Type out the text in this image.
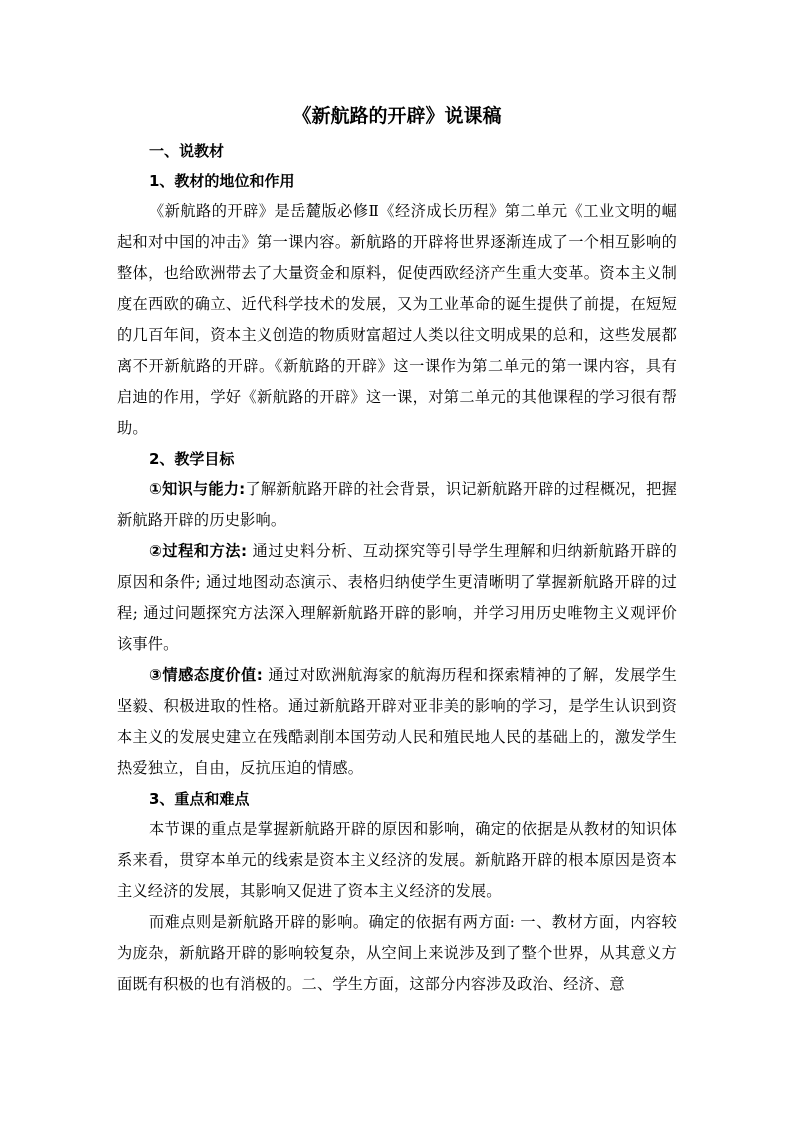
《新航路的开辟》说课稿
一、说教材
1、教材的地位和作用

《新航路的开辟》是岳麓版必修Ⅱ《经济成长历程》第二单元《工业文明的崛起和对中国的冲击》第一课内容。新航路的开辟将世界逐渐连成了一个相互影响的整体，也给欧洲带去了大量资金和原料，促使西欧经济产生重大变革。资本主义制度在西欧的确立、近代科学技术的发展，又为工业革命的诞生提供了前提，在短短的几百年间，资本主义创造的物质财富超过人类以往文明成果的总和，这些发展都离不开新航路的开辟。《新航路的开辟》这一课作为第二单元的第一课内容，具有启迪的作用，学好《新航路的开辟》这一课，对第二单元的其他课程的学习很有帮助。

2、教学目标

①知识与能力:了解新航路开辟的社会背景，识记新航路开辟的过程概况，把握新航路开辟的历史影响。

②过程和方法: 通过史料分析、互动探究等引导学生理解和归纳新航路开辟的原因和条件; 通过地图动态演示、表格归纳使学生更清晰明了掌握新航路开辟的过程; 通过问题探究方法深入理解新航路开辟的影响，并学习用历史唯物主义观评价该事件。

③情感态度价值: 通过对欧洲航海家的航海历程和探索精神的了解，发展学生坚毅、积极进取的性格。通过新航路开辟对亚非美的影响的学习，是学生认识到资本主义的发展史建立在残酷剥削本国劳动人民和殖民地人民的基础上的，激发学生热爱独立，自由，反抗压迫的情感。

3、重点和难点

本节课的重点是掌握新航路开辟的原因和影响，确定的依据是从教材的知识体系来看，贯穿本单元的线索是资本主义经济的发展。新航路开辟的根本原因是资本主义经济的发展，其影响又促进了资本主义经济的发展。

而难点则是新航路开辟的影响。确定的依据有两方面: 一、教材方面，内容较为庞杂，新航路开辟的影响较复杂，从空间上来说涉及到了整个世界，从其意义方面既有积极的也有消极的。二、学生方面，这部分内容涉及政治、经济、意
